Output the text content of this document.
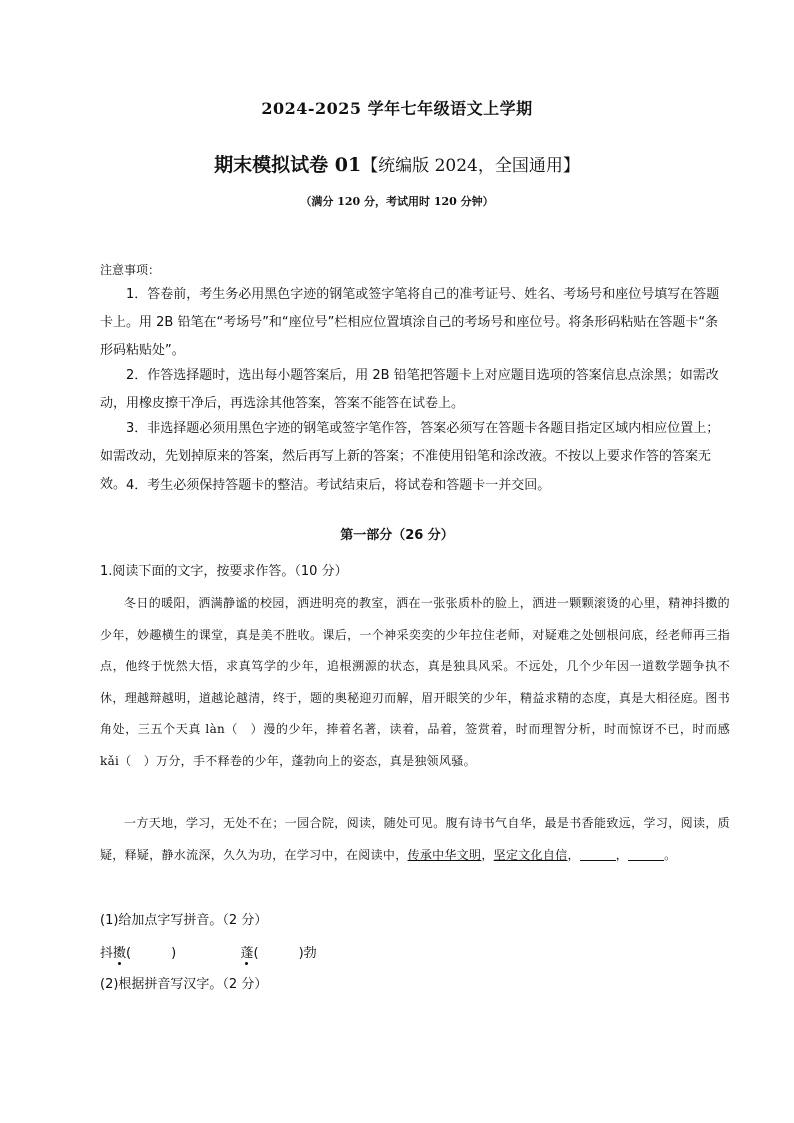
2024-2025 学年七年级语文上学期
期末模拟试卷 01【统编版 2024，全国通用】
（满分 120 分，考试用时 120 分钟）
注意事项：
1．答卷前，考生务必用黑色字迹的钢笔或签字笔将自己的准考证号、姓名、考场号和座位号填写在答题卡上。用 2B 铅笔在“考场号”和“座位号”栏相应位置填涂自己的考场号和座位号。将条形码粘贴在答题卡“条形码粘贴处”。
2．作答选择题时，选出每小题答案后，用 2B 铅笔把答题卡上对应题目选项的答案信息点涂黑；如需改动，用橡皮擦干净后，再选涂其他答案，答案不能答在试卷上。
3．非选择题必须用黑色字迹的钢笔或签字笔作答，答案必须写在答题卡各题目指定区域内相应位置上；如需改动，先划掉原来的答案，然后再写上新的答案；不准使用铅笔和涂改液。不按以上要求作答的答案无效。 4．考生必须保持答题卡的整洁。考试结束后，将试卷和答题卡一并交回。
第一部分（26 分）
1.阅读下面的文字，按要求作答。（10 分）
冬日的暖阳，洒满静谧的校园，洒进明亮的教室，洒在一张张质朴的脸上，洒进一颗颗滚烫的心里，精神抖擞的少年，妙趣横生的课堂，真是美不胜收。课后，一个神采奕奕的少年拉住老师，对疑难之处刨根问底，经老师再三指点，他终于恍然大悟，求真笃学的少年，追根溯源的状态，真是独具风采。不远处，几个少年因一道数学题争执不休，理越辩越明，道越论越清，终于，题的奥秘迎刃而解，眉开眼笑的少年，精益求精的态度，真是大相径庭。图书角处，三五个天真 làn（　）漫的少年，捧着名著，读着，品着，签赏着，时而理智分析，时而惊讶不已，时而感 kǎi（　）万分，手不释卷的少年，蓬勃向上的姿态，真是独领风骚。
一方天地，学习，无处不在；一园合院，阅读，随处可见。腹有诗书气自华，最是书香能致远，学习，阅读，质疑，释疑，静水流深，久久为功，在学习中，在阅读中，传承中华文明，坚定文化自信，	，	。
(1)给加点字写拼音。（2 分）
抖擞(	)	蓬(	)勃
(2)根据拼音写汉字。（2 分）
